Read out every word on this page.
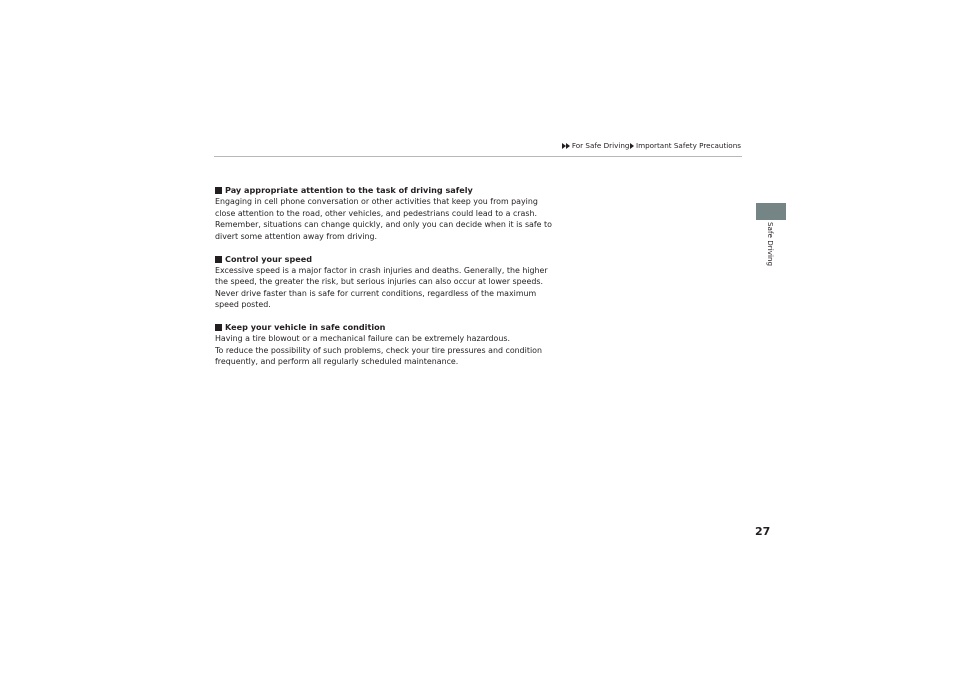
For Safe Driving Important Safety Precautions
Safe Driving
Pay appropriate attention to the task of driving safely
Engaging in cell phone conversation or other activities that keep you from paying
close attention to the road, other vehicles, and pedestrians could lead to a crash.
Remember, situations can change quickly, and only you can decide when it is safe to
divert some attention away from driving.
Control your speed
Excessive speed is a major factor in crash injuries and deaths. Generally, the higher
the speed, the greater the risk, but serious injuries can also occur at lower speeds.
Never drive faster than is safe for current conditions, regardless of the maximum
speed posted.
Keep your vehicle in safe condition
Having a tire blowout or a mechanical failure can be extremely hazardous.
To reduce the possibility of such problems, check your tire pressures and condition
frequently, and perform all regularly scheduled maintenance.
27
